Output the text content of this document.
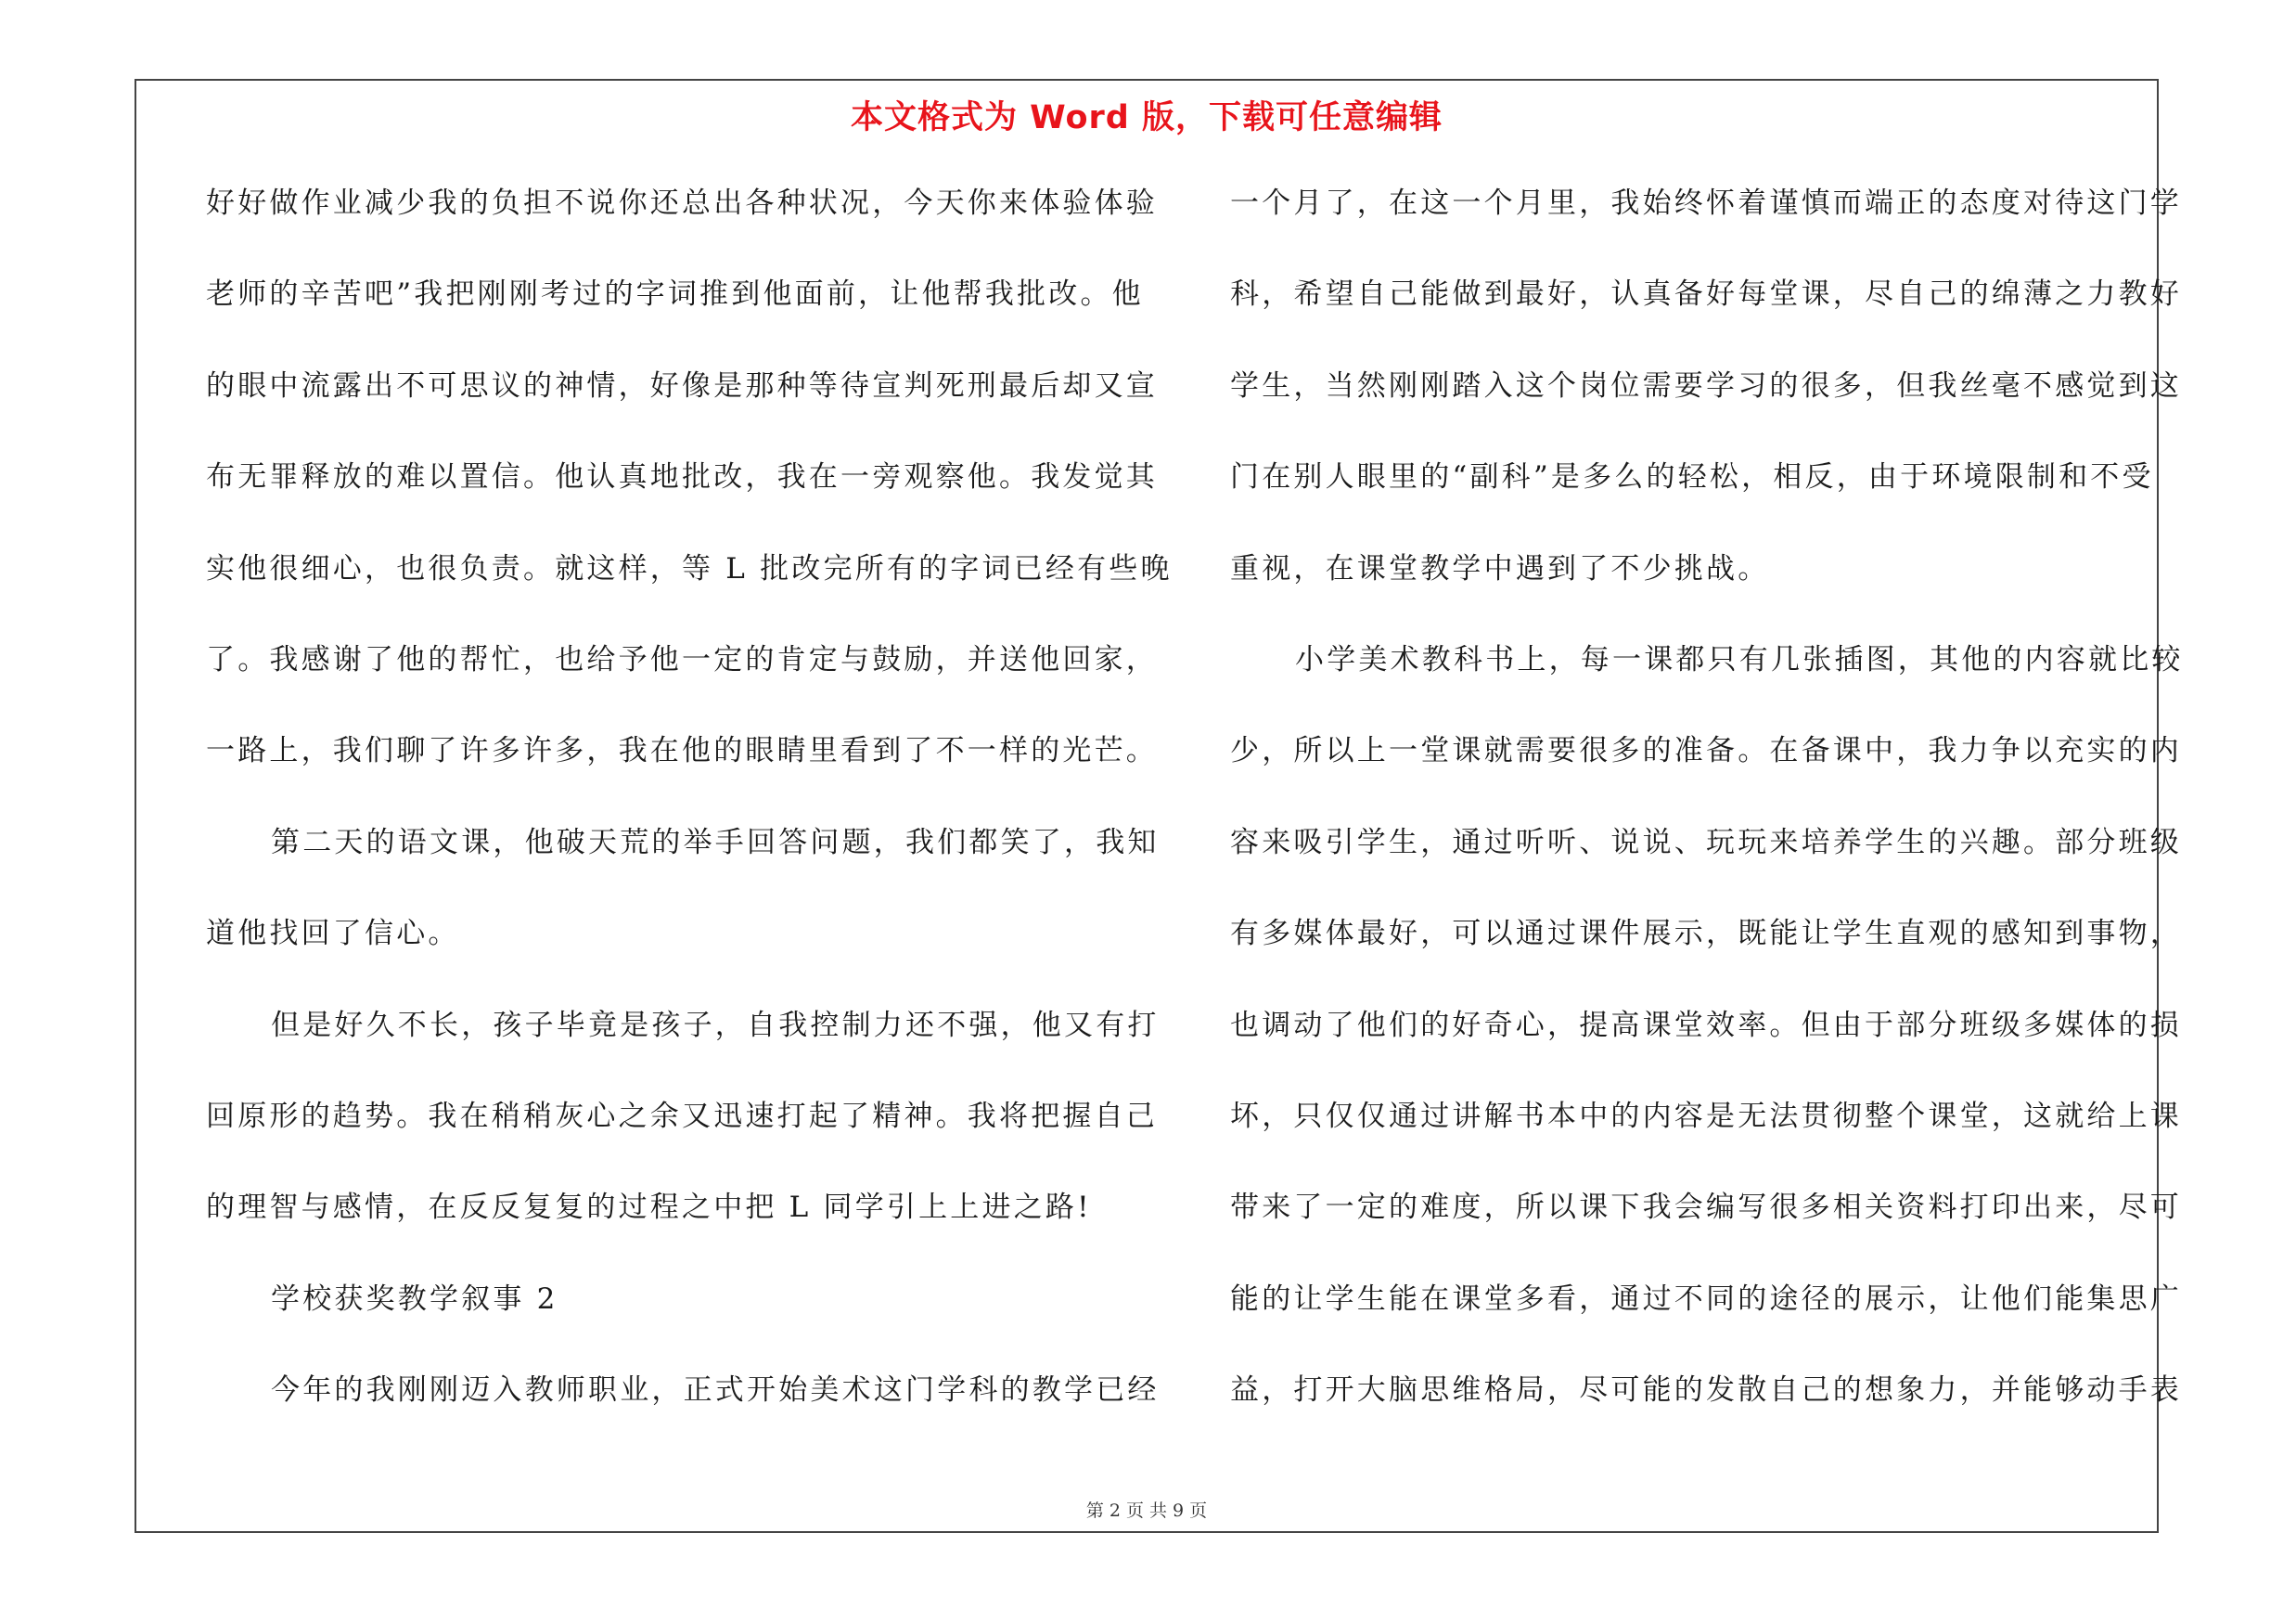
本文格式为 Word 版，下载可任意编辑
第 2 页 共 9 页
好好做作业减少我的负担不说你还总出各种状况，今天你来体验体验
老师的辛苦吧”我把刚刚考过的字词推到他面前，让他帮我批改。他
的眼中流露出不可思议的神情，好像是那种等待宣判死刑最后却又宣
布无罪释放的难以置信。他认真地批改，我在一旁观察他。我发觉其
实他很细心，也很负责。就这样，等 L 批改完所有的字词已经有些晚
了。我感谢了他的帮忙，也给予他一定的肯定与鼓励，并送他回家，
一路上，我们聊了许多许多，我在他的眼睛里看到了不一样的光芒。
第二天的语文课，他破天荒的举手回答问题，我们都笑了，我知
道他找回了信心。
但是好久不长，孩子毕竟是孩子，自我控制力还不强，他又有打
回原形的趋势。我在稍稍灰心之余又迅速打起了精神。我将把握自己
的理智与感情，在反反复复的过程之中把 L 同学引上上进之路!
学校获奖教学叙事 2
今年的我刚刚迈入教师职业，正式开始美术这门学科的教学已经
一个月了，在这一个月里，我始终怀着谨慎而端正的态度对待这门学
科，希望自己能做到最好，认真备好每堂课，尽自己的绵薄之力教好
学生，当然刚刚踏入这个岗位需要学习的很多，但我丝毫不感觉到这
门在别人眼里的“副科”是多么的轻松，相反，由于环境限制和不受
重视，在课堂教学中遇到了不少挑战。
小学美术教科书上，每一课都只有几张插图，其他的内容就比较
少，所以上一堂课就需要很多的准备。在备课中，我力争以充实的内
容来吸引学生，通过听听、说说、玩玩来培养学生的兴趣。部分班级
有多媒体最好，可以通过课件展示，既能让学生直观的感知到事物，
也调动了他们的好奇心，提高课堂效率。但由于部分班级多媒体的损
坏，只仅仅通过讲解书本中的内容是无法贯彻整个课堂，这就给上课
带来了一定的难度，所以课下我会编写很多相关资料打印出来，尽可
能的让学生能在课堂多看，通过不同的途径的展示，让他们能集思广
益，打开大脑思维格局，尽可能的发散自己的想象力，并能够动手表
